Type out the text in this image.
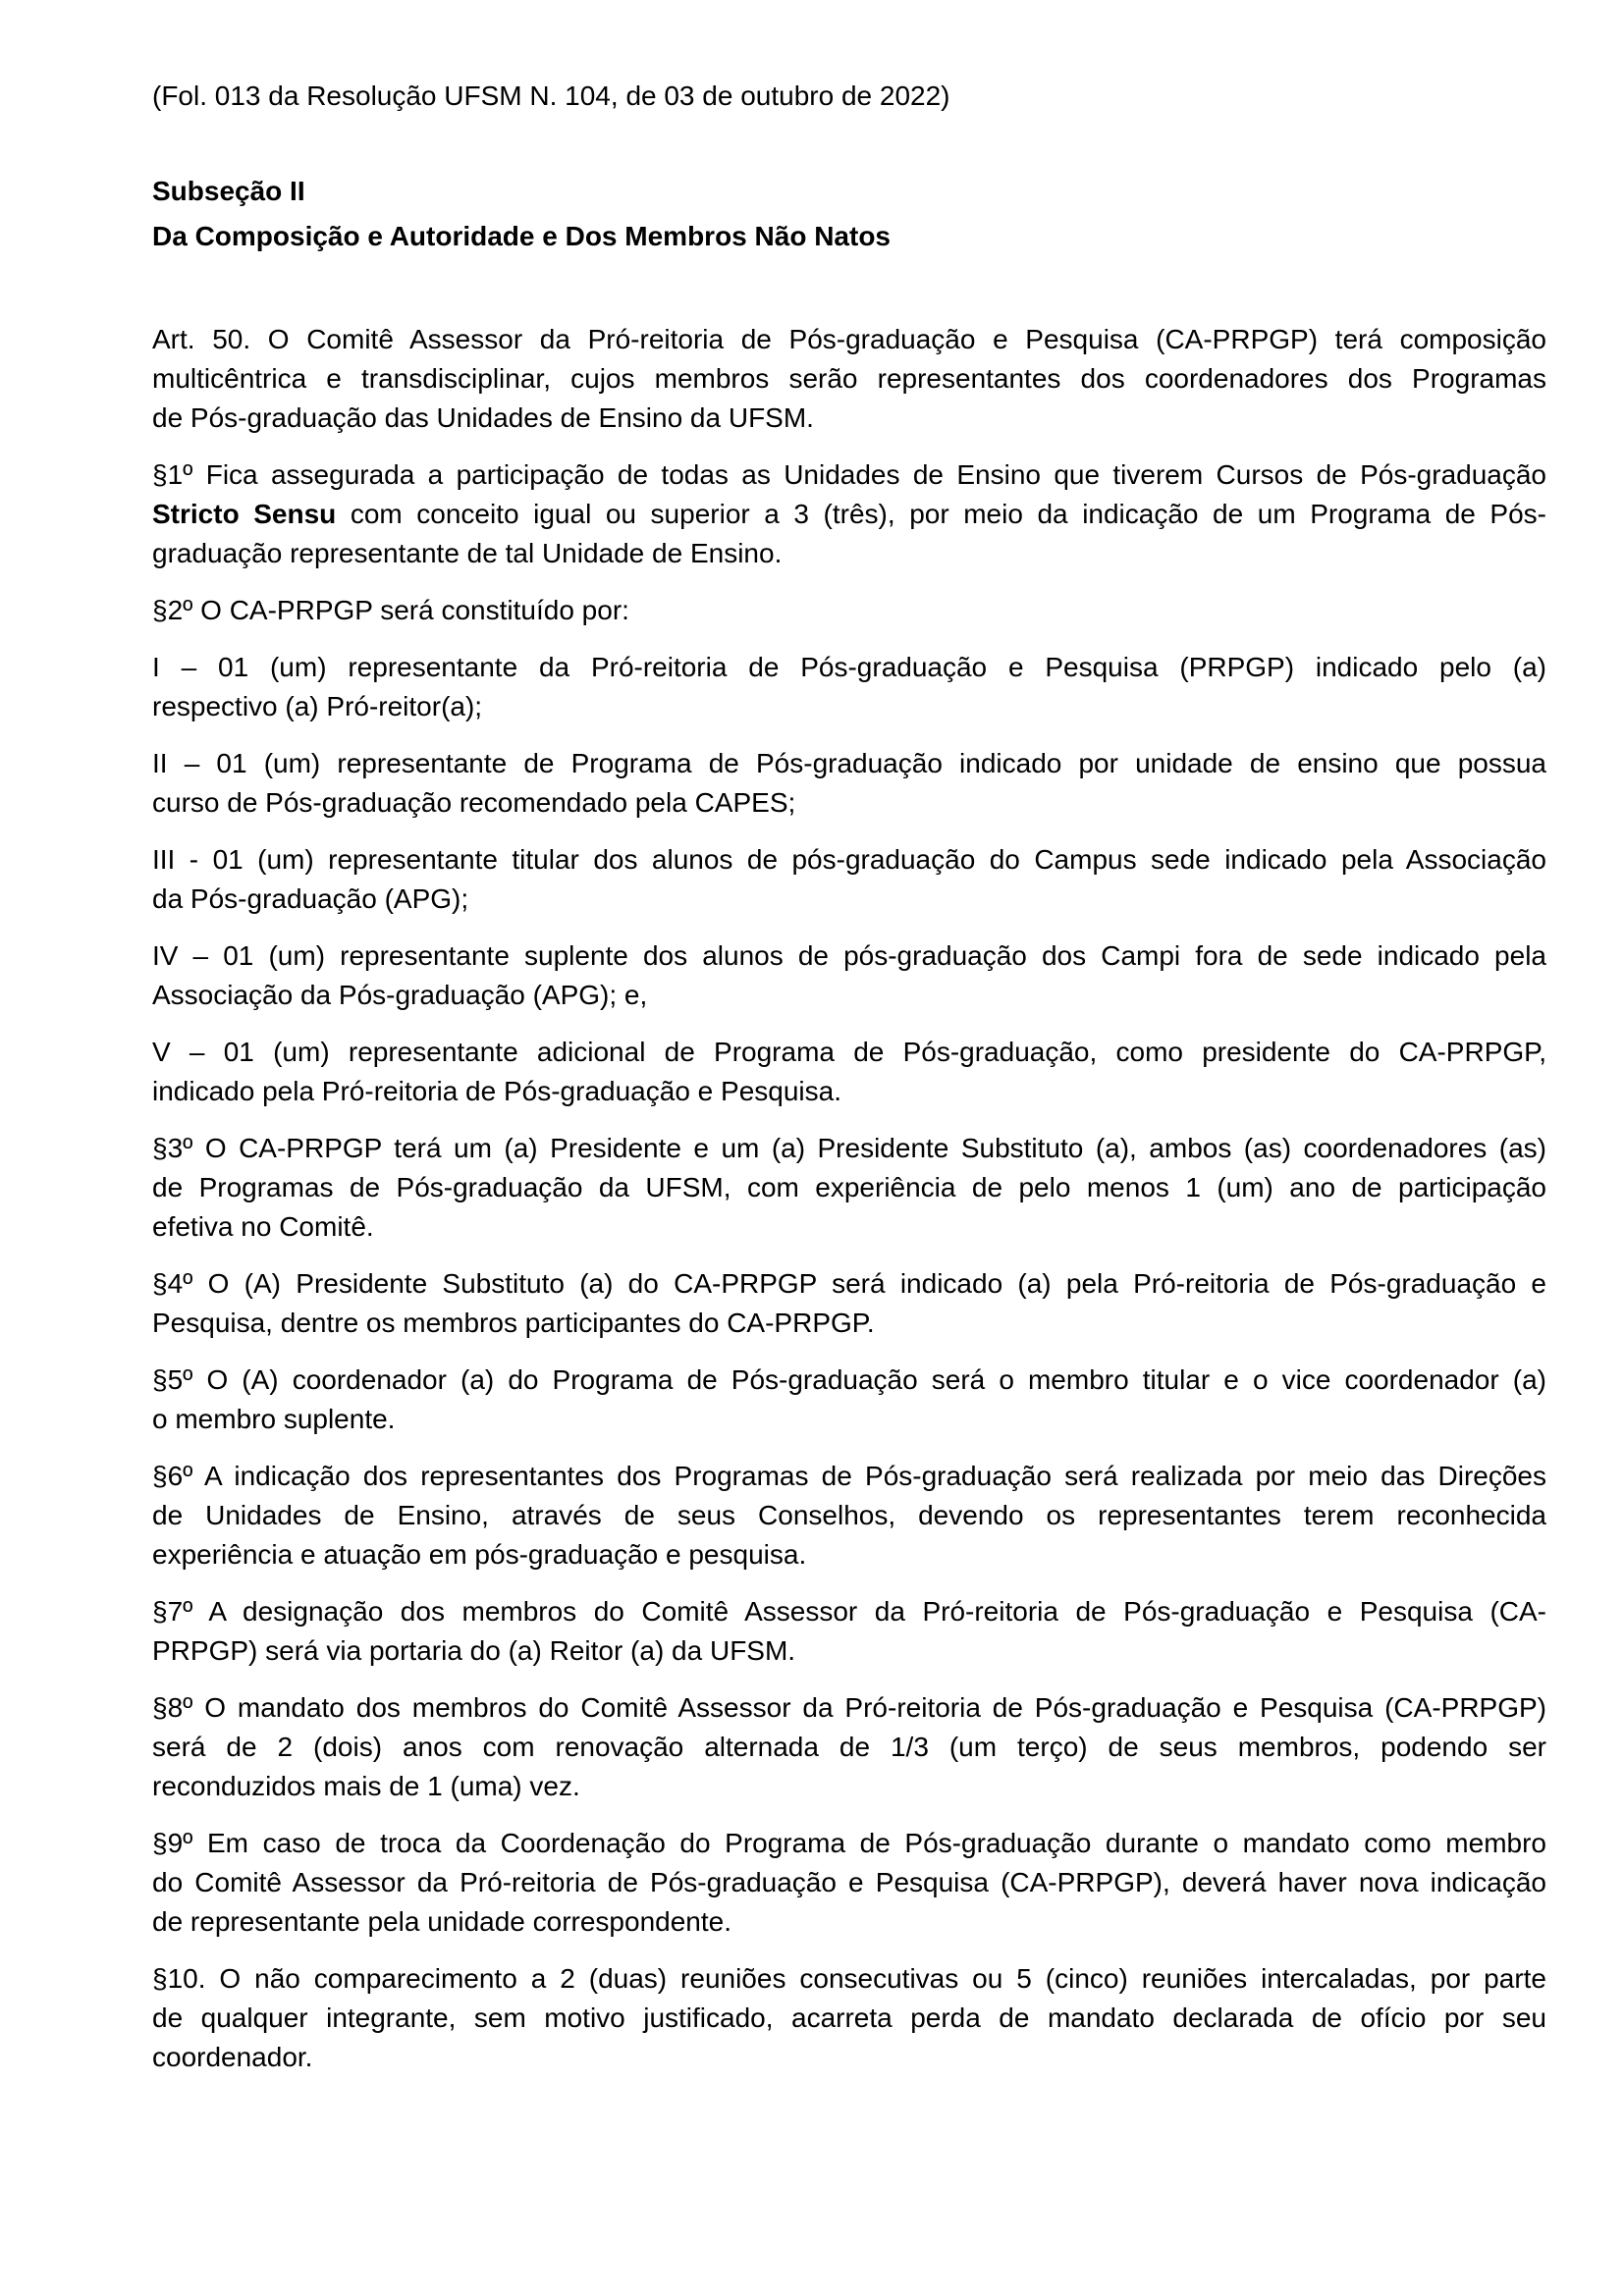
(Fol. 013 da Resolução UFSM N. 104, de 03 de outubro de 2022)

Subseção II

Da Composição e Autoridade e Dos Membros Não Natos

Art. 50. O Comitê Assessor da Pró-reitoria de Pós-graduação e Pesquisa (CA-PRPGP) terá composição
multicêntrica e transdisciplinar, cujos membros serão representantes dos coordenadores dos Programas
de Pós-graduação das Unidades de Ensino da UFSM.
§1º Fica assegurada a participação de todas as Unidades de Ensino que tiverem Cursos de Pós-graduação
Stricto Sensu com conceito igual ou superior a 3 (três), por meio da indicação de um Programa de Pós-
graduação representante de tal Unidade de Ensino.
§2º O CA-PRPGP será constituído por:
I – 01 (um) representante da Pró-reitoria de Pós-graduação e Pesquisa (PRPGP) indicado pelo (a)
respectivo (a) Pró-reitor(a);
II – 01 (um) representante de Programa de Pós-graduação indicado por unidade de ensino que possua
curso de Pós-graduação recomendado pela CAPES;
III - 01 (um) representante titular dos alunos de pós-graduação do Campus sede indicado pela Associação
da Pós-graduação (APG);
IV – 01 (um) representante suplente dos alunos de pós-graduação dos Campi fora de sede indicado pela
Associação da Pós-graduação (APG); e,
V – 01 (um) representante adicional de Programa de Pós-graduação, como presidente do CA-PRPGP,
indicado pela Pró-reitoria de Pós-graduação e Pesquisa.
§3º O CA-PRPGP terá um (a) Presidente e um (a) Presidente Substituto (a), ambos (as) coordenadores (as)
de Programas de Pós-graduação da UFSM, com experiência de pelo menos 1 (um) ano de participação
efetiva no Comitê.
§4º O (A) Presidente Substituto (a) do CA-PRPGP será indicado (a) pela Pró-reitoria de Pós-graduação e
Pesquisa, dentre os membros participantes do CA-PRPGP.
§5º O (A) coordenador (a) do Programa de Pós-graduação será o membro titular e o vice coordenador (a)
o membro suplente.
§6º A indicação dos representantes dos Programas de Pós-graduação será realizada por meio das Direções
de Unidades de Ensino, através de seus Conselhos, devendo os representantes terem reconhecida
experiência e atuação em pós-graduação e pesquisa.
§7º A designação dos membros do Comitê Assessor da Pró-reitoria de Pós-graduação e Pesquisa (CA-
PRPGP) será via portaria do (a) Reitor (a) da UFSM.
§8º O mandato dos membros do Comitê Assessor da Pró-reitoria de Pós-graduação e Pesquisa (CA-PRPGP)
será de 2 (dois) anos com renovação alternada de 1/3 (um terço) de seus membros, podendo ser
reconduzidos mais de 1 (uma) vez.
§9º Em caso de troca da Coordenação do Programa de Pós-graduação durante o mandato como membro
do Comitê Assessor da Pró-reitoria de Pós-graduação e Pesquisa (CA-PRPGP), deverá haver nova indicação
de representante pela unidade correspondente.
§10. O não comparecimento a 2 (duas) reuniões consecutivas ou 5 (cinco) reuniões intercaladas, por parte
de qualquer integrante, sem motivo justificado, acarreta perda de mandato declarada de ofício por seu
coordenador.
